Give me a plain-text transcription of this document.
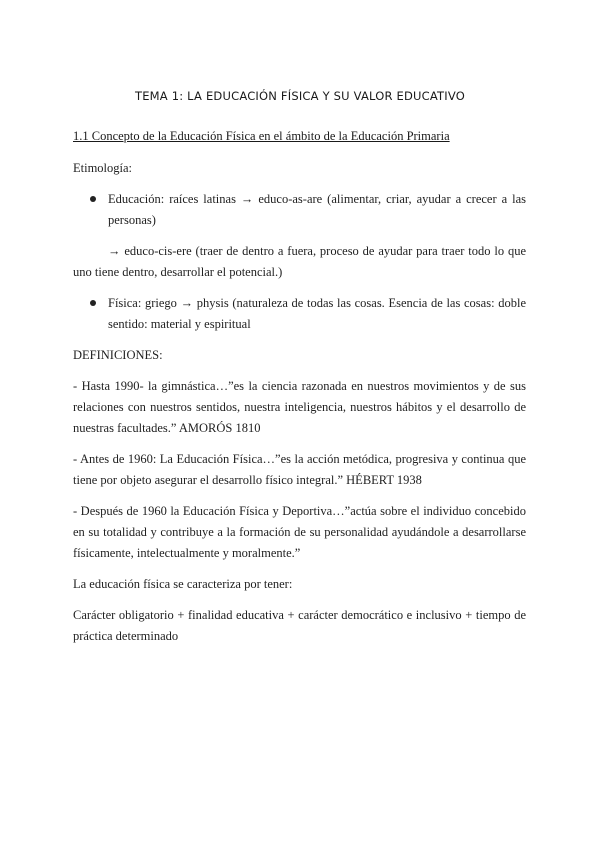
TEMA 1: LA EDUCACIÓN FÍSICA Y SU VALOR EDUCATIVO
1.1 Concepto de la Educación Física en el ámbito de la Educación Primaria
Etimología:
Educación: raíces latinas → educo-as-are (alimentar, criar, ayudar a crecer a las personas)
→ educo-cis-ere (traer de dentro a fuera, proceso de ayudar para traer todo lo que uno tiene dentro, desarrollar el potencial.)
Física: griego → physis (naturaleza de todas las cosas. Esencia de las cosas: doble sentido: material y espiritual
DEFINICIONES:
- Hasta 1990- la gimnástica…”es la ciencia razonada en nuestros movimientos y de sus relaciones con nuestros sentidos, nuestra inteligencia, nuestros hábitos y el desarrollo de nuestras facultades.” AMORÓS 1810
- Antes de 1960: La Educación Física…”es la acción metódica, progresiva y continua que tiene por objeto asegurar el desarrollo físico integral.” HÉBERT 1938
- Después de 1960 la Educación Física y Deportiva…”actúa sobre el individuo concebido en su totalidad y contribuye a la formación de su personalidad ayudándole a desarrollarse físicamente, intelectualmente y moralmente.”
La educación física se caracteriza por tener:
Carácter obligatorio + finalidad educativa + carácter democrático e inclusivo + tiempo de práctica determinado
